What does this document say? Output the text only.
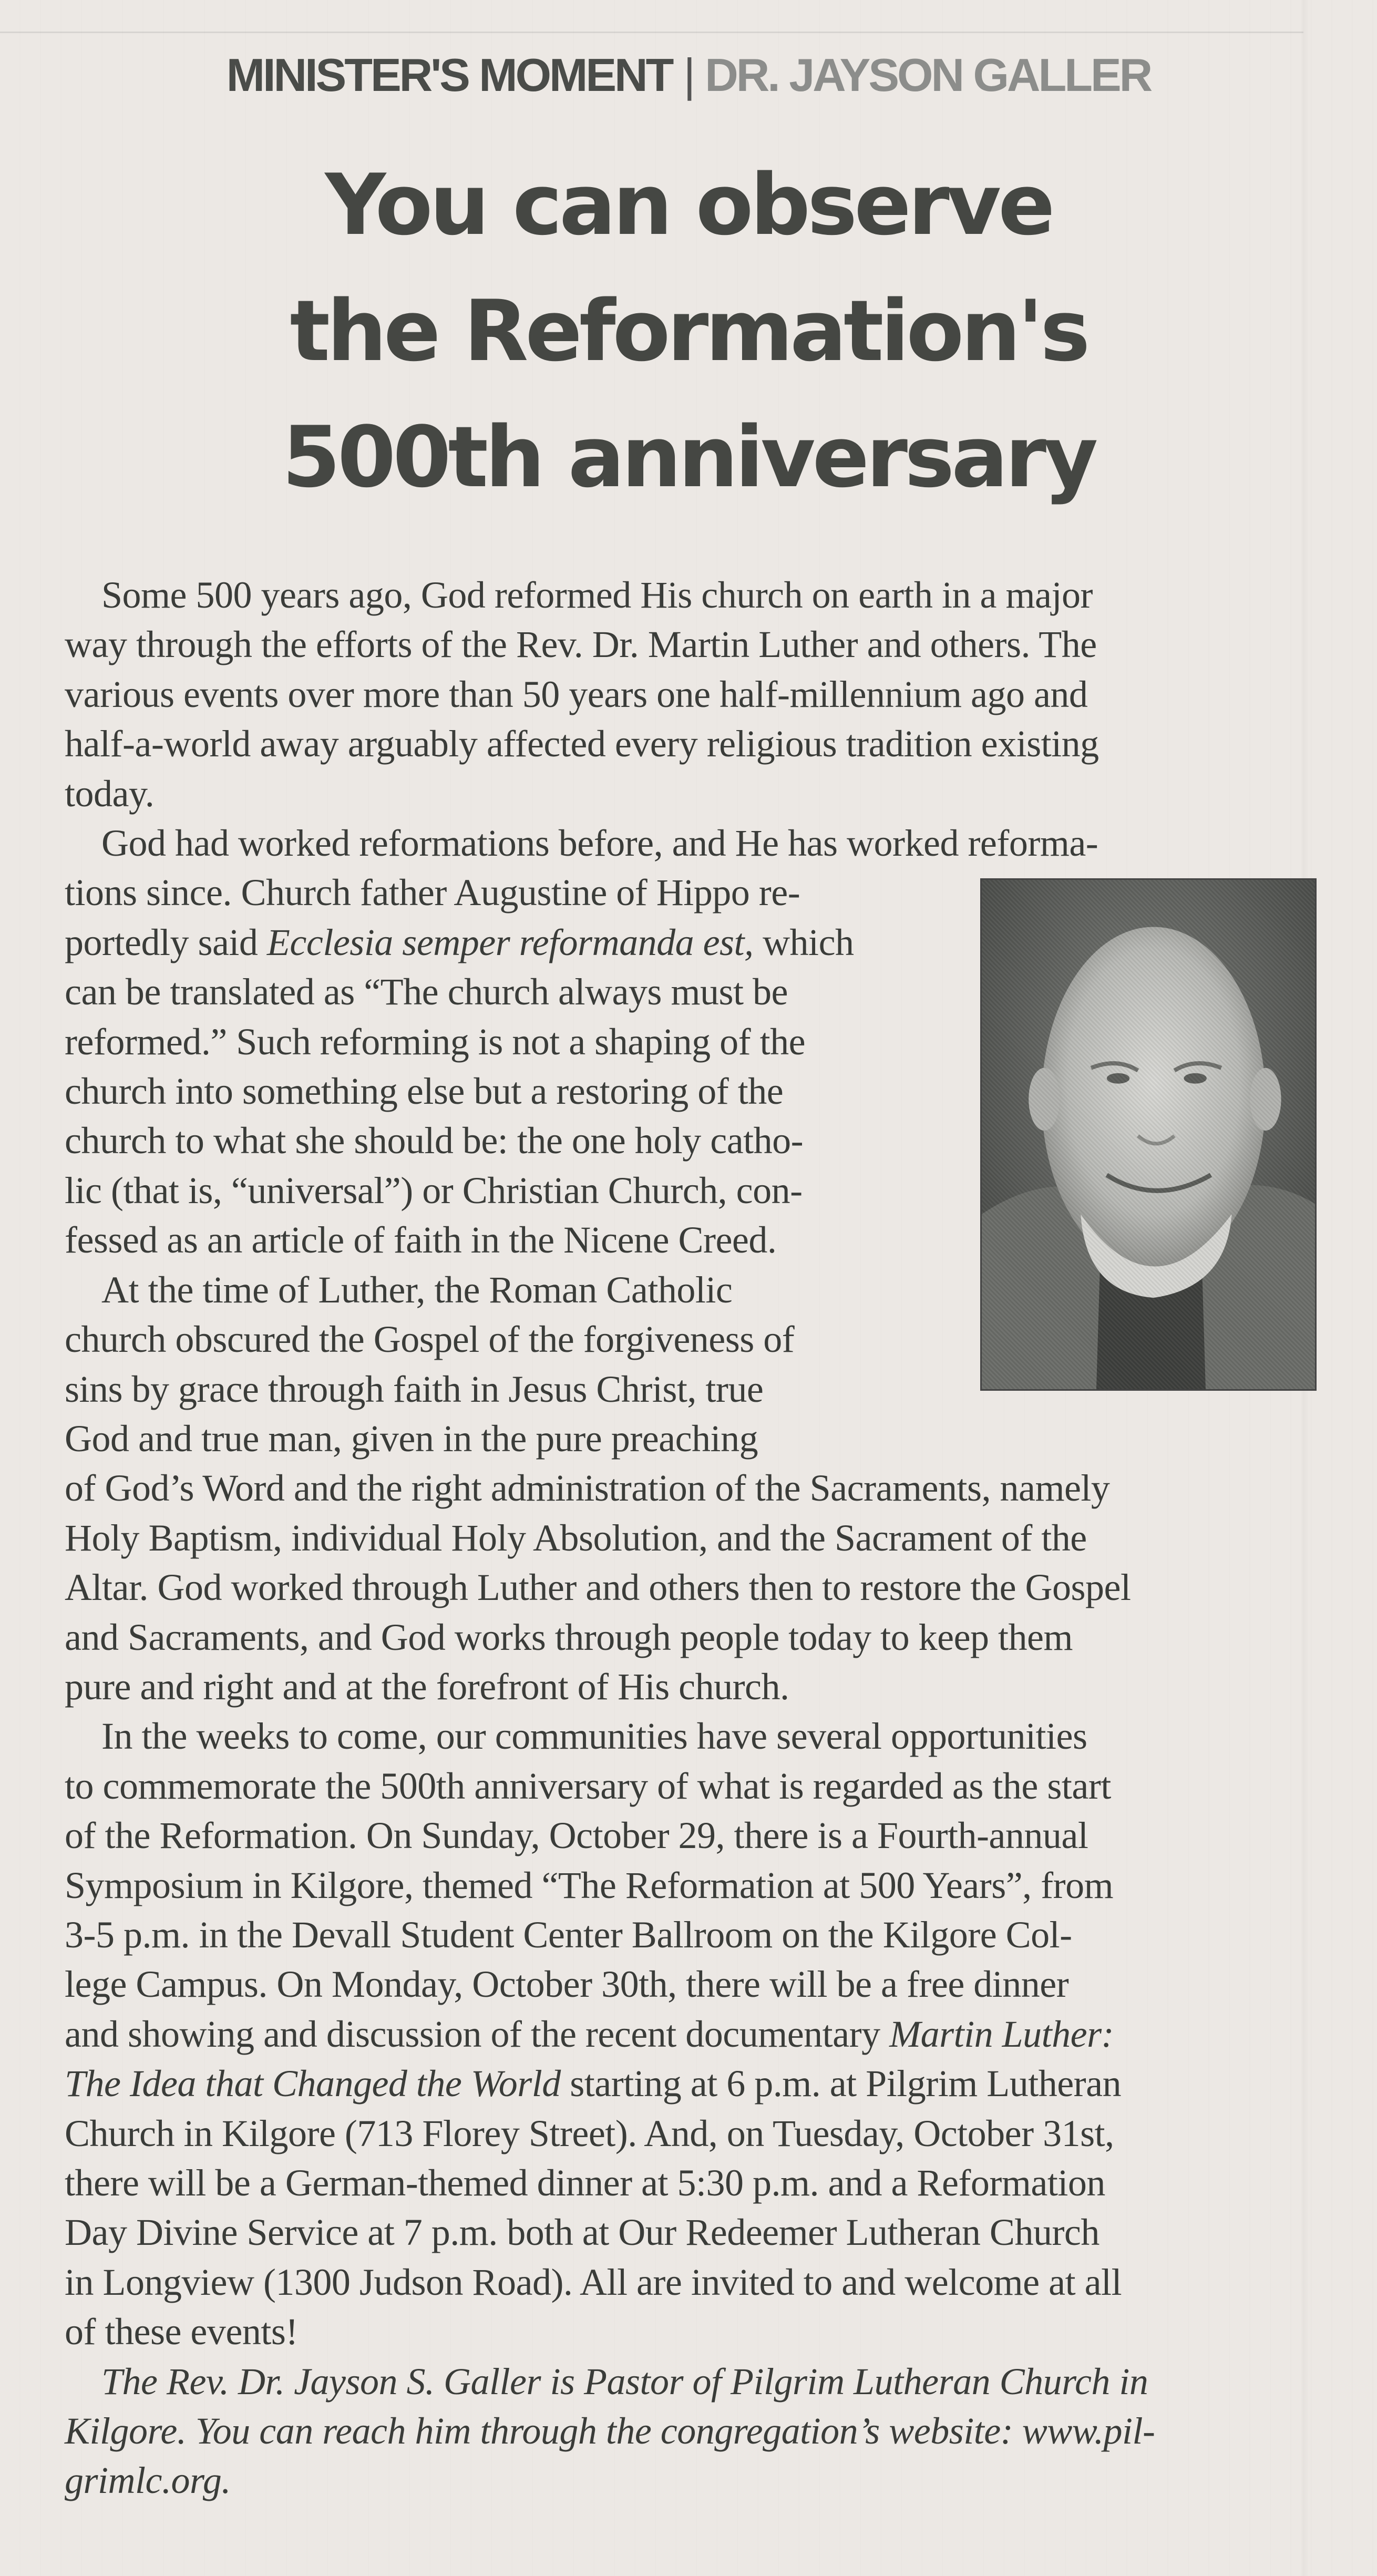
MINISTER'S MOMENT | DR. JAYSON GALLER
You can observe
the Reformation's
500th anniversary

Some 500 years ago, God reformed His church on earth in a major
way through the efforts of the Rev. Dr. Martin Luther and others. The
various events over more than 50 years one half-millennium ago and
half-a-world away arguably affected every religious tradition existing
today.

God had worked reformations before, and He has worked reforma-
tions since. Church father Augustine of Hippo re-
portedly said Ecclesia semper reformanda est, which
can be translated as “The church always must be
reformed.” Such reforming is not a shaping of the
church into something else but a restoring of the
church to what she should be: the one holy catho-
lic (that is, “universal”) or Christian Church, con-
fessed as an article of faith in the Nicene Creed.

At the time of Luther, the Roman Catholic
church obscured the Gospel of the forgiveness of
sins by grace through faith in Jesus Christ, true
God and true man, given in the pure preaching
of God’s Word and the right administration of the Sacraments, namely
Holy Baptism, individual Holy Absolution, and the Sacrament of the
Altar. God worked through Luther and others then to restore the Gospel
and Sacraments, and God works through people today to keep them
pure and right and at the forefront of His church.

In the weeks to come, our communities have several opportunities
to commemorate the 500th anniversary of what is regarded as the start
of the Reformation. On Sunday, October 29, there is a Fourth-annual
Symposium in Kilgore, themed “The Reformation at 500 Years”, from
3-5 p.m. in the Devall Student Center Ballroom on the Kilgore Col-
lege Campus. On Monday, October 30th, there will be a free dinner
and showing and discussion of the recent documentary Martin Luther:
The Idea that Changed the World starting at 6 p.m. at Pilgrim Lutheran
Church in Kilgore (713 Florey Street). And, on Tuesday, October 31st,
there will be a German-themed dinner at 5:30 p.m. and a Reformation
Day Divine Service at 7 p.m. both at Our Redeemer Lutheran Church
in Longview (1300 Judson Road). All are invited to and welcome at all
of these events!

The Rev. Dr. Jayson S. Galler is Pastor of Pilgrim Lutheran Church in
Kilgore. You can reach him through the congregation’s website: www.pil-
grimlc.org.
